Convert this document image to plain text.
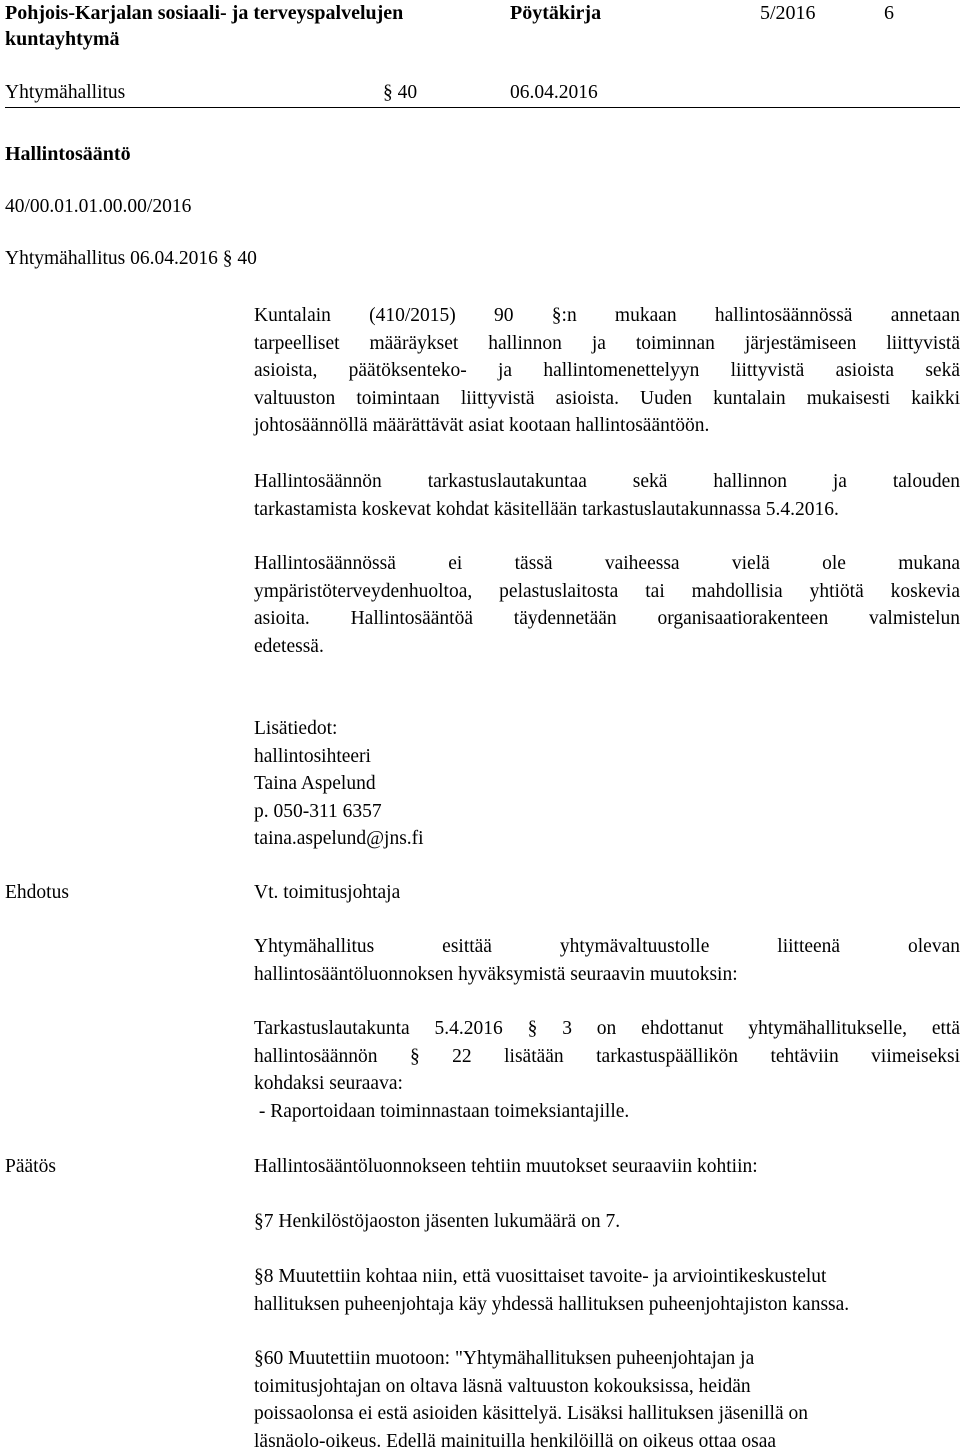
Pohjois-Karjalan sosiaali- ja terveyspalvelujen
kuntayhtymä
Pöytäkirja	5/2016	6
Yhtymähallitus	§ 40	06.04.2016
Hallintosääntö
40/00.01.01.00.00/2016
Yhtymähallitus 06.04.2016 § 40
Kuntalain (410/2015) 90 §:n mukaan hallintosäännössä annetaan
tarpeelliset määräykset hallinnon ja toiminnan järjestämiseen liittyvistä
asioista, päätöksenteko- ja hallintomenettelyyn liittyvistä asioista sekä
valtuuston toimintaan liittyvistä asioista. Uuden kuntalain mukaisesti kaikki
johtosäännöllä määrättävät asiat kootaan hallintosääntöön.
Hallintosäännön tarkastuslautakuntaa sekä hallinnon ja talouden
tarkastamista koskevat kohdat käsitellään tarkastuslautakunnassa 5.4.2016.
Hallintosäännössä ei tässä vaiheessa vielä ole mukana
ympäristöterveydenhuoltoa, pelastuslaitosta tai mahdollisia yhtiötä koskevia
asioita. Hallintosääntöä täydennetään organisaatiorakenteen valmistelun
edetessä.
Lisätiedot:
hallintosihteeri
Taina Aspelund
p. 050-311 6357
taina.aspelund@jns.fi
Ehdotus	Vt. toimitusjohtaja
Yhtymähallitus esittää yhtymävaltuustolle liitteenä olevan
hallintosääntöluonnoksen hyväksymistä seuraavin muutoksin:
Tarkastuslautakunta 5.4.2016 § 3 on ehdottanut yhtymähallitukselle, että
hallintosäännön § 22 lisätään tarkastuspäällikön tehtäviin viimeiseksi
kohdaksi seuraava:
- Raportoidaan toiminnastaan toimeksiantajille.
Päätös	Hallintosääntöluonnokseen tehtiin muutokset seuraaviin kohtiin:
§7 Henkilöstöjaoston jäsenten lukumäärä on 7.
§8 Muutettiin kohtaa niin, että vuosittaiset tavoite- ja arviointikeskustelut
hallituksen puheenjohtaja käy yhdessä hallituksen puheenjohtajiston kanssa.
§60 Muutettiin muotoon: "Yhtymähallituksen puheenjohtajan ja
toimitusjohtajan on oltava läsnä valtuuston kokouksissa, heidän
poissaolonsa ei estä asioiden käsittelyä. Lisäksi hallituksen jäsenillä on
läsnäolo-oikeus. Edellä mainituilla henkilöillä on oikeus ottaa osaa
